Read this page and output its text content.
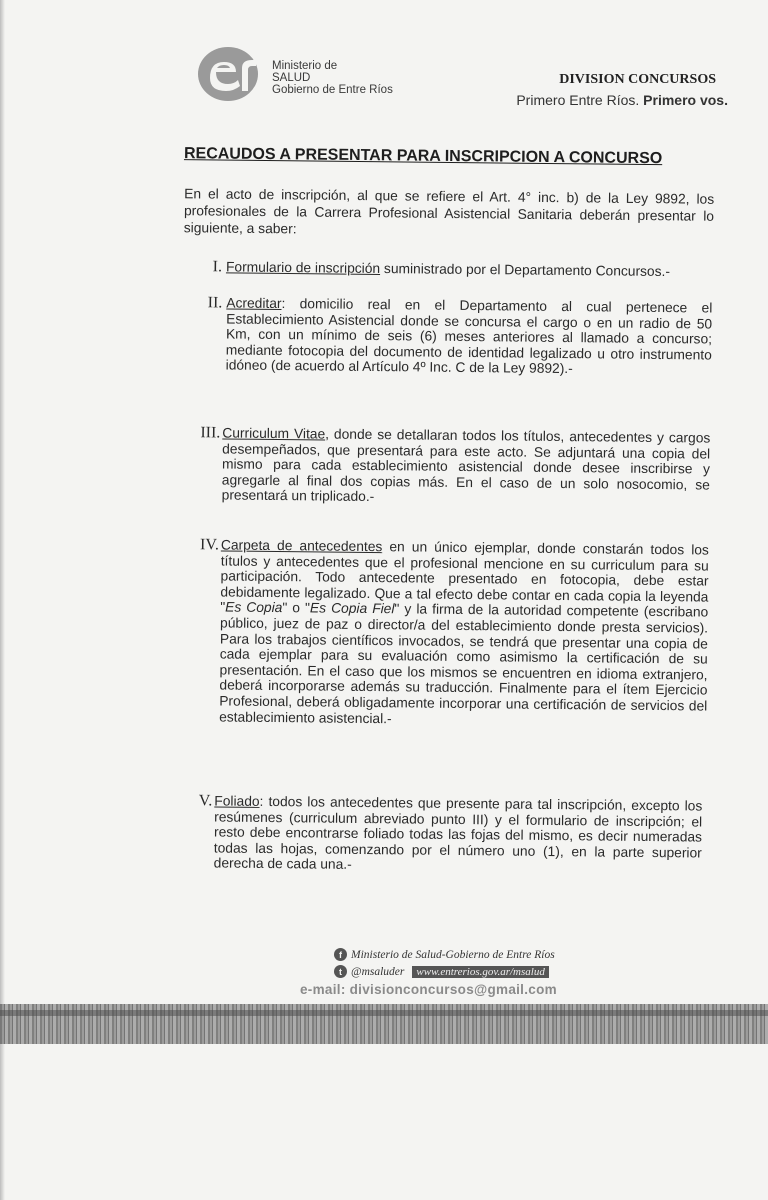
Ministerio de
SALUD
Gobierno de Entre Ríos
DIVISION CONCURSOS
Primero Entre Ríos. Primero vos.
RECAUDOS A PRESENTAR PARA INSCRIPCION A CONCURSO
En el acto de inscripción, al que se refiere el Art. 4° inc. b) de la Ley 9892, los profesionales de la Carrera Profesional Asistencial Sanitaria deberán presentar lo siguiente, a saber:
I. Formulario de inscripción suministrado por el Departamento Concursos.-

II. Acreditar: domicilio real en el Departamento al cual pertenece el Establecimiento Asistencial donde se concursa el cargo o en un radio de 50 Km, con un mínimo de seis (6) meses anteriores al llamado a concurso; mediante fotocopia del documento de identidad legalizado u otro instrumento idóneo (de acuerdo al Artículo 4º Inc. C de la Ley 9892).-

III. Curriculum Vitae, donde se detallaran todos los títulos, antecedentes y cargos desempeñados, que presentará para este acto. Se adjuntará una copia del mismo para cada establecimiento asistencial donde desee inscribirse y agregarle al final dos copias más. En el caso de un solo nosocomio, se presentará un triplicado.-

IV. Carpeta de antecedentes en un único ejemplar, donde constarán todos los títulos y antecedentes que el profesional mencione en su curriculum para su participación. Todo antecedente presentado en fotocopia, debe estar debidamente legalizado. Que a tal efecto debe contar en cada copia la leyenda "Es Copia" o "Es Copia Fiel" y la firma de la autoridad competente (escribano público, juez de paz o director/a del establecimiento donde presta servicios). Para los trabajos científicos invocados, se tendrá que presentar una copia de cada ejemplar para su evaluación como asimismo la certificación de su presentación. En el caso que los mismos se encuentren en idioma extranjero, deberá incorporarse además su traducción. Finalmente para el ítem Ejercicio Profesional, deberá obligadamente incorporar una certificación de servicios del establecimiento asistencial.-

V. Foliado: todos los antecedentes que presente para tal inscripción, excepto los resúmenes (curriculum abreviado punto III) y el formulario de inscripción; el resto debe encontrarse foliado todas las fojas del mismo, es decir numeradas todas las hojas, comenzando por el número uno (1), en la parte superior derecha de cada una.-

f Ministerio de Salud-Gobierno de Entre Ríos
t @msaluder	www.entrerios.gov.ar/msalud
e-mail: divisionconcursos@gmail.com
